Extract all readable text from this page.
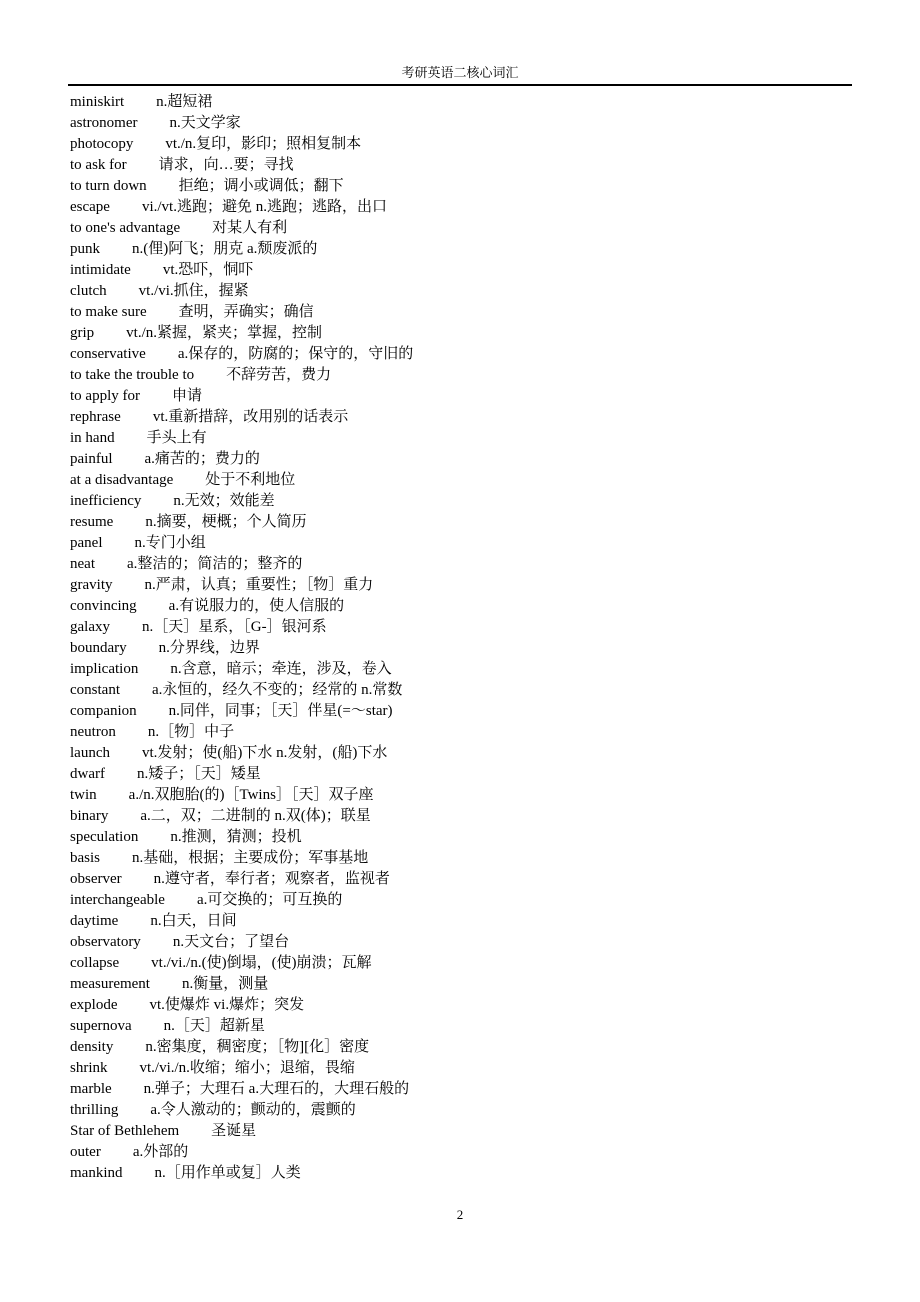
考研英语二核心词汇
miniskirt n.超短裙
astronomer n.天文学家
photocopy vt./n.复印，影印；照相复制本
to ask for 请求，向…要；寻找
to turn down 拒绝；调小或调低；翻下
escape vi./vt.逃跑；避免 n.逃跑；逃路，出口
to one's advantage 对某人有利
punk n.(俚)阿飞；朋克 a.颓废派的
intimidate vt.恐吓，恫吓
clutch vt./vi.抓住，握紧
to make sure 查明，弄确实；确信
grip vt./n.紧握，紧夹；掌握，控制
conservative a.保存的，防腐的；保守的，守旧的
to take the trouble to 不辞劳苦，费力
to apply for 申请
rephrase vt.重新措辞，改用别的话表示
in hand 手头上有
painful a.痛苦的；费力的
at a disadvantage 处于不利地位
inefficiency n.无效；效能差
resume n.摘要，梗概；个人简历
panel n.专门小组
neat a.整洁的；简洁的；整齐的
gravity n.严肃，认真；重要性；［物］重力
convincing a.有说服力的，使人信服的
galaxy n.［天］星系，［G-］银河系
boundary n.分界线，边界
implication n.含意，暗示；牵连，涉及，卷入
constant a.永恒的，经久不变的；经常的 n.常数
companion n.同伴，同事；［天］伴星(=～star)
neutron n.［物］中子
launch vt.发射；使(船)下水 n.发射，(船)下水
dwarf n.矮子；［天］矮星
twin a./n.双胞胎(的)［Twins］［天］双子座
binary a.二，双；二进制的 n.双(体)；联星
speculation n.推测，猜测；投机
basis n.基础，根据；主要成份；军事基地
observer n.遵守者，奉行者；观察者，监视者
interchangeable a.可交换的；可互换的
daytime n.白天，日间
observatory n.天文台；了望台
collapse vt./vi./n.(使)倒塌，(使)崩溃；瓦解
measurement n.衡量，测量
explode vt.使爆炸 vi.爆炸；突发
supernova n.［天］超新星
density n.密集度，稠密度；［物][化］密度
shrink vt./vi./n.收缩；缩小；退缩，畏缩
marble n.弹子；大理石 a.大理石的，大理石般的
thrilling a.令人激动的；颤动的，震颤的
Star of Bethlehem 圣诞星
outer a.外部的
mankind n.［用作单或复］人类
2
